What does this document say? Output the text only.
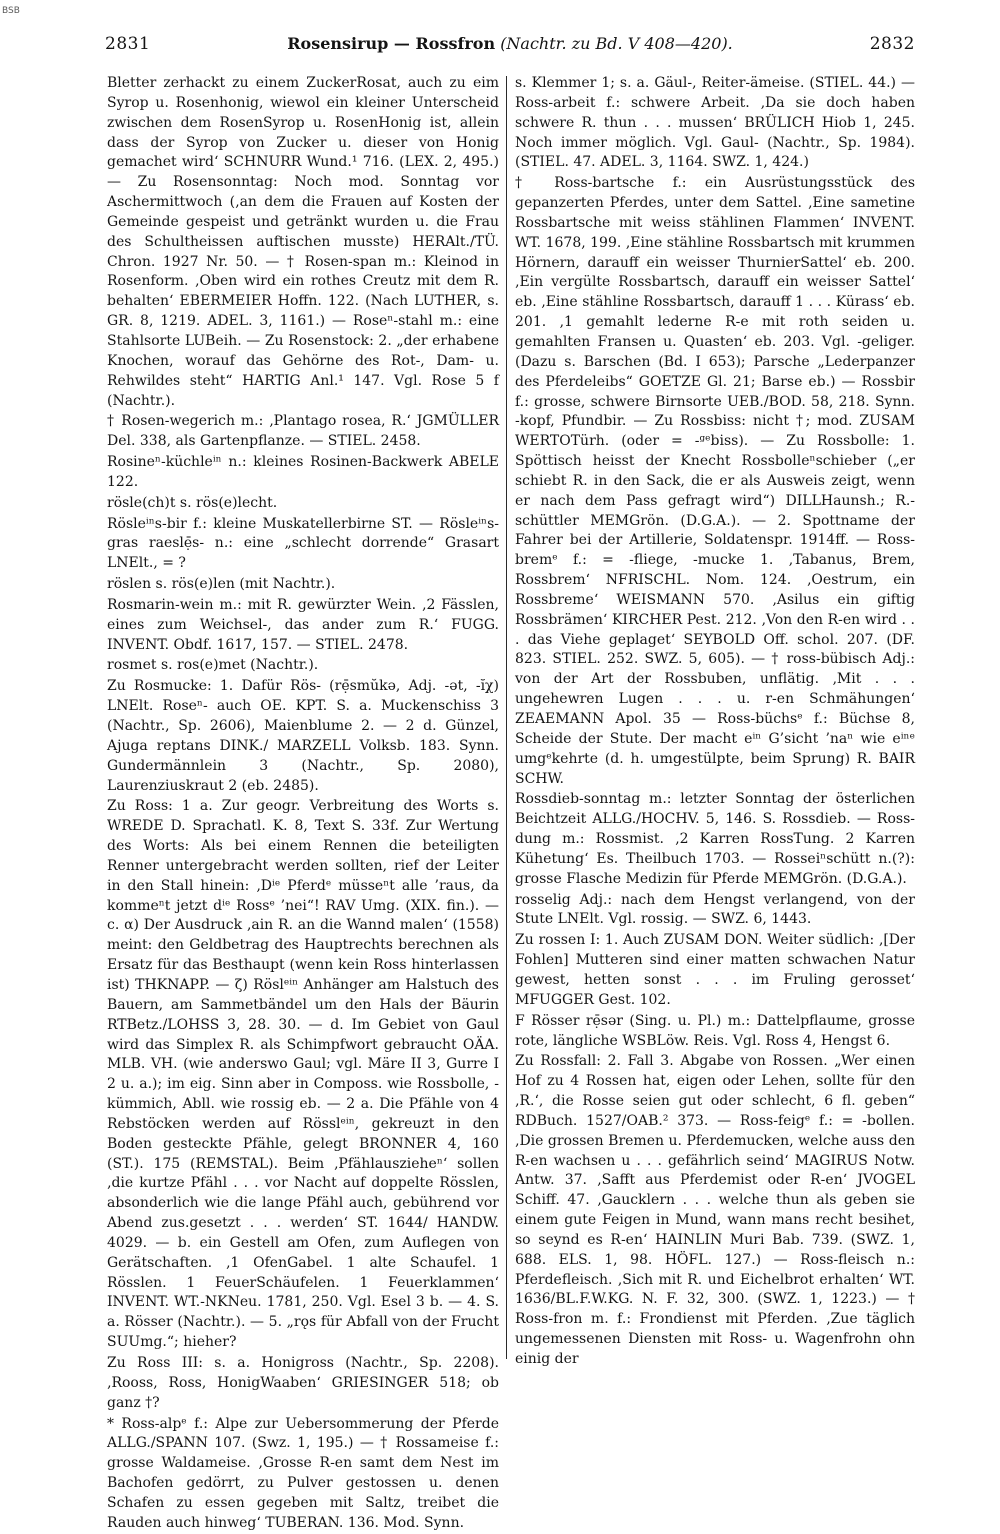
BSB
2831	Rosensirup — Rossfron (Nachtr. zu Bd. V 408—420).	2832

Bletter zerhackt zu einem ZuckerRosat, auch zu eim Syrop u. Rosenhonig, wiewol ein kleiner Unterscheid zwischen dem RosenSyrop u. RosenHonig ist, allein dass der Syrop von Zucker u. dieser von Honig gemachet wird‘ SCHNURR Wund.¹ 716. (LEX. 2, 495.) — Zu Rosensonntag: Noch mod. Sonntag vor Aschermittwoch (‚an dem die Frauen auf Kosten der Gemeinde gespeist und getränkt wurden u. die Frau des Schultheissen auftischen musste) HERAlt./TÜ. Chron. 1927 Nr. 50. — † Rosen-span m.: Kleinod in Rosenform. ‚Oben wird ein rothes Creutz mit dem R. behalten‘ EBERMEIER Hoffn. 122. (Nach LUTHER, s. GR. 8, 1219. ADEL. 3, 1161.) — Roseⁿ-stahl m.: eine Stahlsorte LUBeih. — Zu Rosenstock: 2. „der erhabene Knochen, worauf das Gehörne des Rot-, Dam- u. Rehwildes steht“ HARTIG Anl.¹ 147. Vgl. Rose 5 f (Nachtr.).

† Rosen-wegerich m.: ‚Plantago rosea, R.‘ JGMÜLLER Del. 338, als Gartenpflanze. — STIEL. 2458.

Rosineⁿ-küchleⁱⁿ n.: kleines Rosinen-Backwerk ABELE 122.

rösle(ch)t s. rös(e)lecht.

Rösleⁱⁿs-bir f.: kleine Muskatellerbirne ST. — Rösleⁱⁿs-gras raeslẹ̄s- n.: eine „schlecht dorrende“ Grasart LNElt., = ?

röslen s. rös(e)len (mit Nachtr.).

Rosmarin-wein m.: mit R. gewürzter Wein. ‚2 Fässlen, eines zum Weichsel-, das ander zum R.‘ FUGG. INVENT. Obdf. 1617, 157. — STIEL. 2478.

rosmet s. ros(e)met (Nachtr.).

Zu Rosmucke: 1. Dafür Rös- (rẹ̄smŭkə, Adj. -ət, -ĭχ) LNElt. Roseⁿ- auch OE. KPT. S. a. Muckenschiss 3 (Nachtr., Sp. 2606), Maienblume 2. — 2 d. Günzel, Ajuga reptans DINK./ MARZELL Volksb. 183. Synn. Gundermännlein 3 (Nachtr., Sp. 2080), Laurenziuskraut 2 (eb. 2485).

Zu Ross: 1 a. Zur geogr. Verbreitung des Worts s. WREDE D. Sprachatl. K. 8, Text S. 33f. Zur Wertung des Worts: Als bei einem Rennen die beteiligten Renner untergebracht werden sollten, rief der Leiter in den Stall hinein: ‚Dⁱᵉ Pferdᵉ müsseⁿt alle ’raus, da kommeⁿt jetzt dⁱᵉ Rossᵉ ’nei“! RAV Umg. (XIX. fin.). — c. α) Der Ausdruck ‚ain R. an die Wannd malen‘ (1558) meint: den Geldbetrag des Hauptrechts berechnen als Ersatz für das Besthaupt (wenn kein Ross hinterlassen ist) THKNAPP. — ζ) Röslᵉⁱⁿ Anhänger am Halstuch des Bauern, am Sammetbändel um den Hals der Bäurin RTBetz./LOHSS 3, 28. 30. — d. Im Gebiet von Gaul wird das Simplex R. als Schimpfwort gebraucht OÄA. MLB. VH. (wie anderswo Gaul; vgl. Märe II 3, Gurre I 2 u. a.); im eig. Sinn aber in Composs. wie Rossbolle, -kümmich, Abll. wie rossig eb. — 2 a. Die Pfähle von 4 Rebstöcken werden auf Rösslᵉⁱⁿ, gekreuzt in den Boden gesteckte Pfähle, gelegt BRONNER 4, 160 (ST.). 175 (REMSTAL). Beim ‚Pfählauszieheⁿ‘ sollen ‚die kurtze Pfähl . . . vor Nacht auf doppelte Rösslen, absonderlich wie die lange Pfähl auch, gebührend vor Abend zus.gesetzt . . . werden‘ ST. 1644/ HANDW. 4029. — b. ein Gestell am Ofen, zum Auflegen von Gerätschaften. ‚1 OfenGabel. 1 alte Schaufel. 1 Rösslen. 1 FeuerSchäufelen. 1 Feuerklammen‘ INVENT. WT.-NKNeu. 1781, 250. Vgl. Esel 3 b. — 4. S. a. Rösser (Nachtr.). — 5. „rǫs für Abfall von der Frucht SUUmg.“; hieher?

Zu Ross III: s. a. Honigross (Nachtr., Sp. 2208). ‚Rooss, Ross, HonigWaaben‘ GRIESINGER 518; ob ganz †?

* Ross-alpᵉ f.: Alpe zur Uebersommerung der Pferde ALLG./SPANN 107. (Swz. 1, 195.) — † Rossameise f.: grosse Waldameise. ‚Grosse R-en samt dem Nest im Bachofen gedörrt, zu Pulver gestossen u. denen Schafen zu essen gegeben mit Saltz, treibet die Rauden auch hinweg‘ TUBERAN. 136. Mod. Synn.

s. Klemmer 1; s. a. Gäul-, Reiter-ämeise. (STIEL. 44.) — Ross-arbeit f.: schwere Arbeit. ‚Da sie doch haben schwere R. thun . . . mussen‘ BRÜLICH Hiob 1, 245. Noch immer möglich. Vgl. Gaul- (Nachtr., Sp. 1984). (STIEL. 47. ADEL. 3, 1164. SWZ. 1, 424.)

† Ross-bartsche f.: ein Ausrüstungsstück des gepanzerten Pferdes, unter dem Sattel. ‚Eine sametine Rossbartsche mit weiss stählinen Flammen‘ INVENT. WT. 1678, 199. ‚Eine stähline Rossbartsch mit krummen Hörnern, darauff ein weisser ThurnierSattel‘ eb. 200. ‚Ein vergülte Rossbartsch, darauff ein weisser Sattel‘ eb. ‚Eine stähline Rossbartsch, darauff 1 . . . Kürass‘ eb. 201. ‚1 gemahlt lederne R-e mit roth seiden u. gemahlten Fransen u. Quasten‘ eb. 203. Vgl. -geliger. (Dazu s. Barschen (Bd. I 653); Parsche „Lederpanzer des Pferdeleibs“ GOETZE Gl. 21; Barse eb.) — Rossbir f.: grosse, schwere Birnsorte UEB./BOD. 58, 218. Synn. -kopf, Pfundbir. — Zu Rossbiss: nicht †; mod. ZUSAM WERTOTürh. (oder = -ᵍᵉbiss). — Zu Rossbolle: 1. Spöttisch heisst der Knecht Rossbolleⁿschieber („er schiebt R. in den Sack, die er als Ausweis zeigt, wenn er nach dem Pass gefragt wird“) DILLHaunsh.; R.-schüttler MEMGrön. (D.G.A.). — 2. Spottname der Fahrer bei der Artillerie, Soldatenspr. 1914ff. — Ross-bremᵉ f.: = -fliege, -mucke 1. ‚Tabanus, Brem, Rossbrem‘ NFRISCHL. Nom. 124. ‚Oestrum, ein Rossbreme‘ WEISMANN 570. ‚Asilus ein giftig Rossbrämen‘ KIRCHER Pest. 212. ‚Von den R-en wird . . . das Viehe geplaget‘ SEYBOLD Off. schol. 207. (DF. 823. STIEL. 252. SWZ. 5, 605). — † ross-bübisch Adj.: von der Art der Rossbuben, unflätig. ‚Mit . . . ungehewren Lugen . . . u. r-en Schmähungen‘ ZEAEMANN Apol. 35 — Ross-büchsᵉ f.: Büchse 8, Scheide der Stute. Der macht eⁱⁿ G’sicht ’naⁿ wie eⁱⁿᵉ umgᵉkehrte (d. h. umgestülpte, beim Sprung) R. BAIR SCHW.

Rossdieb-sonntag m.: letzter Sonntag der österlichen Beichtzeit ALLG./HOCHV. 5, 146. S. Rossdieb. — Ross-dung m.: Rossmist. ‚2 Karren RossTung. 2 Karren Kühetung‘ Es. Theilbuch 1703. — Rosseiⁿschütt n.(?): grosse Flasche Medizin für Pferde MEMGrön. (D.G.A.).

rosselig Adj.: nach dem Hengst verlangend, von der Stute LNElt. Vgl. rossig. — SWZ. 6, 1443.

Zu rossen I: 1. Auch ZUSAM DON. Weiter südlich: ‚[Der Fohlen] Mutteren sind einer matten schwachen Natur gewest, hetten sonst . . . im Fruling gerosset‘ MFUGGER Gest. 102.

F Rösser rẹ̄sər (Sing. u. Pl.) m.: Dattelpflaume, grosse rote, längliche WSBLöw. Reis. Vgl. Ross 4, Hengst 6.

Zu Rossfall: 2. Fall 3. Abgabe von Rossen. „Wer einen Hof zu 4 Rossen hat, eigen oder Lehen, sollte für den ‚R.‘, die Rosse seien gut oder schlecht, 6 fl. geben“ RDBuch. 1527/OAB.² 373. — Ross-feigᵉ f.: = -bollen. ‚Die grossen Bremen u. Pferdemucken, welche auss den R-en wachsen u . . . gefährlich seind‘ MAGIRUS Notw. Antw. 37. ‚Safft aus Pferdemist oder R-en‘ JVOGEL Schiff. 47. ‚Gaucklern . . . welche thun als geben sie einem gute Feigen in Mund, wann mans recht besihet, so seynd es R-en‘ HAINLIN Muri Bab. 739. (SWZ. 1, 688. ELS. 1, 98. HÖFL. 127.) — Ross-fleisch n.: Pferdefleisch. ‚Sich mit R. und Eichelbrot erhalten‘ WT. 1636/BL.F.W.KG. N. F. 32, 300. (SWZ. 1, 1223.) — † Ross-fron m. f.: Frondienst mit Pferden. ‚Zue täglich ungemessenen Diensten mit Ross- u. Wagenfrohn ohn einig der
